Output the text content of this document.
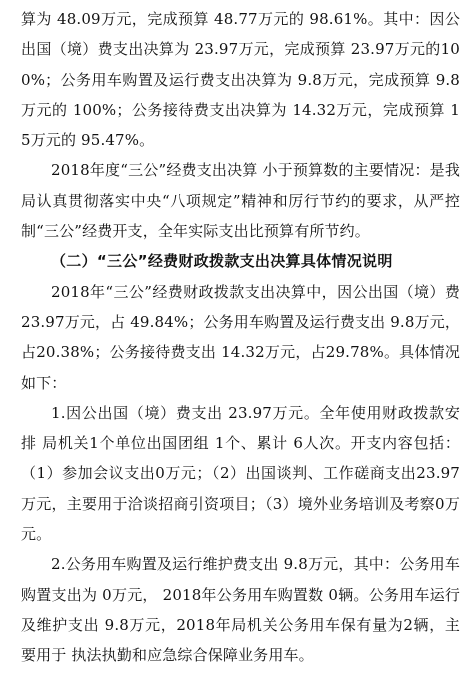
算为 48.09万元，完成预算 48.77万元的 98.61%。其中：因公出国（境）费支出决算为 23.97万元，完成预算 23.97万元的100%；公务用车购置及运行费支出决算为 9.8万元，完成预算 9.8万元的 100%；公务接待费支出决算为 14.32万元，完成预算 15万元的 95.47%。

2018年度“三公”经费支出决算 小于预算数的主要情况：是我局认真贯彻落实中央“八项规定”精神和厉行节约的要求，从严控制“三公”经费开支，全年实际支出比预算有所节约。

（二）“三公”经费财政拨款支出决算具体情况说明

2018年“三公”经费财政拨款支出决算中，因公出国（境）费 23.97万元，占 49.84%；公务用车购置及运行费支出 9.8万元，占20.38%；公务接待费支出 14.32万元，占29.78%。具体情况如下：

1.因公出国（境）费支出 23.97万元。全年使用财政拨款安排 局机关1个单位出国团组 1个、累计 6人次。开支内容包括：（1）参加会议支出0万元；（2）出国谈判、工作磋商支出23.97万元，主要用于洽谈招商引资项目；（3）境外业务培训及考察0万元。

2.公务用车购置及运行维护费支出 9.8万元，其中：公务用车购置支出为 0万元， 2018年公务用车购置数 0辆。公务用车运行及维护支出 9.8万元，2018年局机关公务用车保有量为2辆，主要用于 执法执勤和应急综合保障业务用车。
